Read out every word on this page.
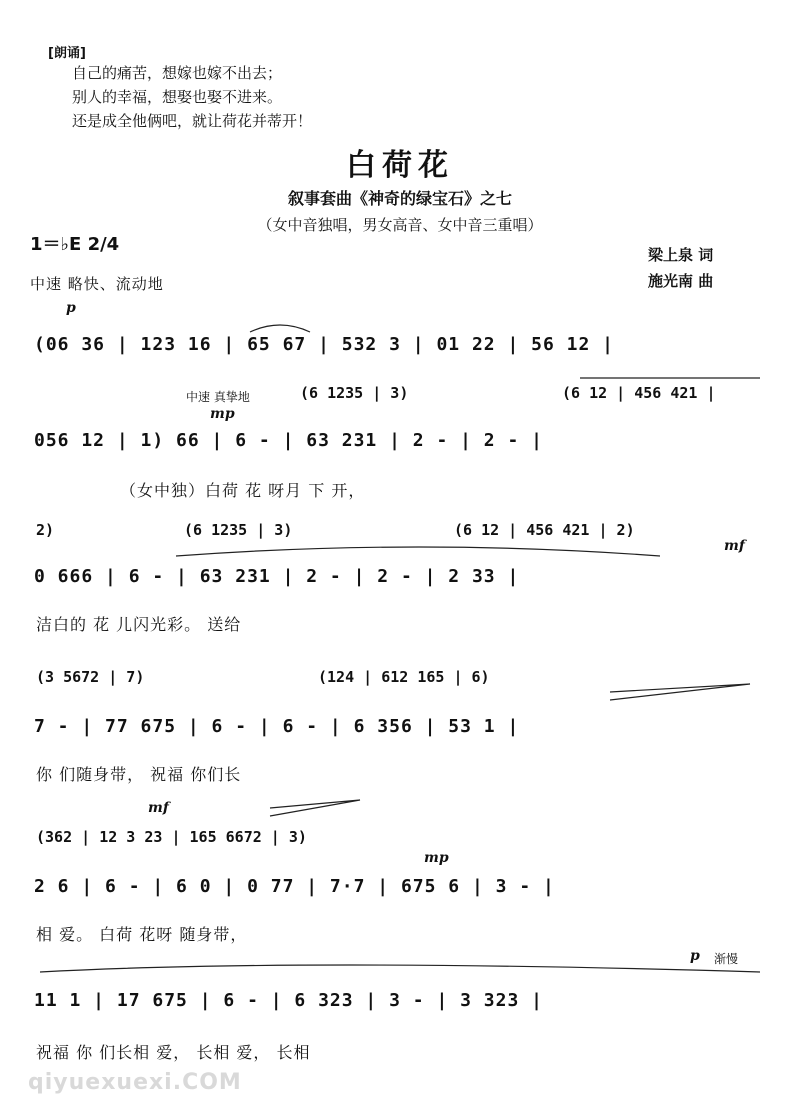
[朗诵]
自己的痛苦，想嫁也嫁不出去；
别人的幸福，想娶也娶不进来。
还是成全他俩吧，就让荷花并蒂开！
白荷花
叙事套曲《神奇的绿宝石》之七
（女中音独唱，男女高音、女中音三重唱）
1＝♭E 2/4	梁上泉 词
施光南 曲
中速 略快、流动地
p
(06 36 | 123 16 | 65 67 | 532 3 | 01 22 | 56 12 |
中速 真挚地	(6 1235 | 3)	(6 12 | 456 421 |
mp
056 12 | 1) 66 | 6 - | 63 231 | 2 - | 2 - |
（女中独）白荷 花 呀月 下 开，
2)	(6 1235 | 3)	(6 12 | 456 421 | 2)
mf
0 666 | 6 - | 63 231 | 2 - | 2 - | 2 33 |
洁白的 花 儿闪光彩。 送给
(3 5672 | 7)	(124 | 612 165 | 6)
7 - | 77 675 | 6 - | 6 - | 6 356 | 53 1 |
你 们随身带， 祝福 你们长
mf
(362 | 12 3 23 | 165 6672 | 3)
mp
2 6 | 6 - | 6 0 | 0 77 | 7·7 | 675 6 | 3 - |
相 爱。 白荷 花呀 随身带，
p 渐慢
11 1 | 17 675 | 6 - | 6 323 | 3 - | 3 323 |
祝福 你 们长相 爱， 长相 爱， 长相
qiyuexuexi.COM
